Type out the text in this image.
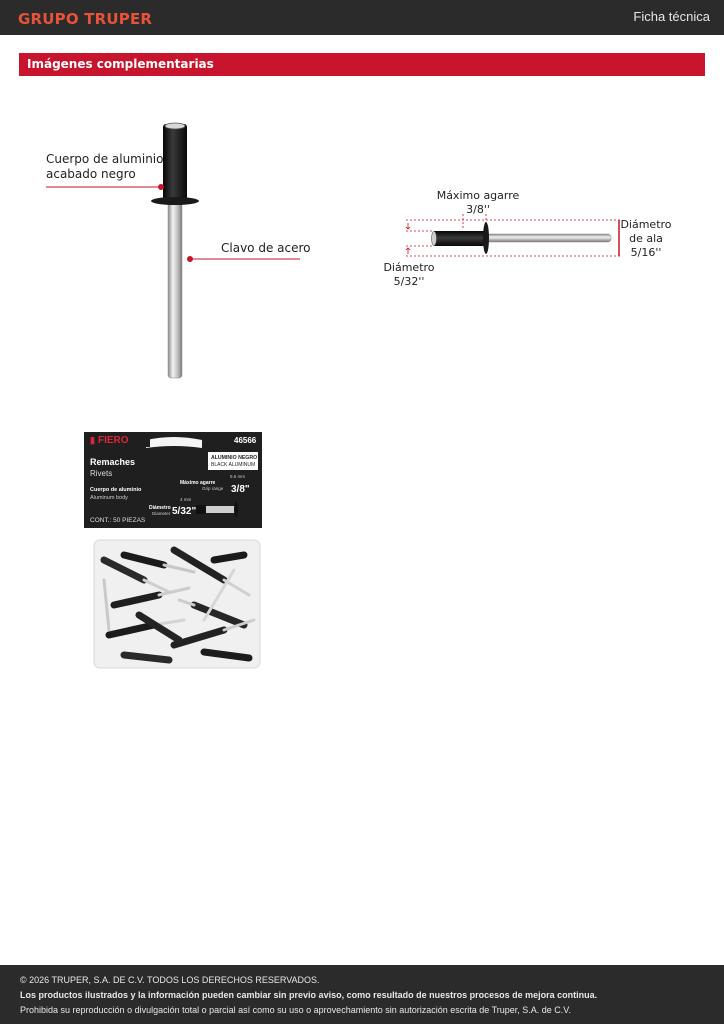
GRUPO TRUPER	Ficha técnica
Imágenes complementarias
Cuerpo de aluminio
acabado negro
Clavo de acero
Máximo agarre
3/8''
Diámetro
de ala
5/16''
Diámetro
5/32''
▮ FIERO	46566
Remaches
Rivets
ALUMINIO NEGRO
BLACK ALUMINUM
9.5 mm
Máximo agarre
Grip range 3/8"
Cuerpo de aluminio
Aluminum body	4 mm
Diámetro
Diameter 5/32"
CONT.: 50 PIEZAS
© 2026 TRUPER, S.A. DE C.V. TODOS LOS DERECHOS RESERVADOS.
Los productos ilustrados y la información pueden cambiar sin previo aviso, como resultado de nuestros procesos de mejora continua.
Prohibida su reproducción o divulgación total o parcial así como su uso o aprovechamiento sin autorización escrita de Truper, S.A. de C.V.
